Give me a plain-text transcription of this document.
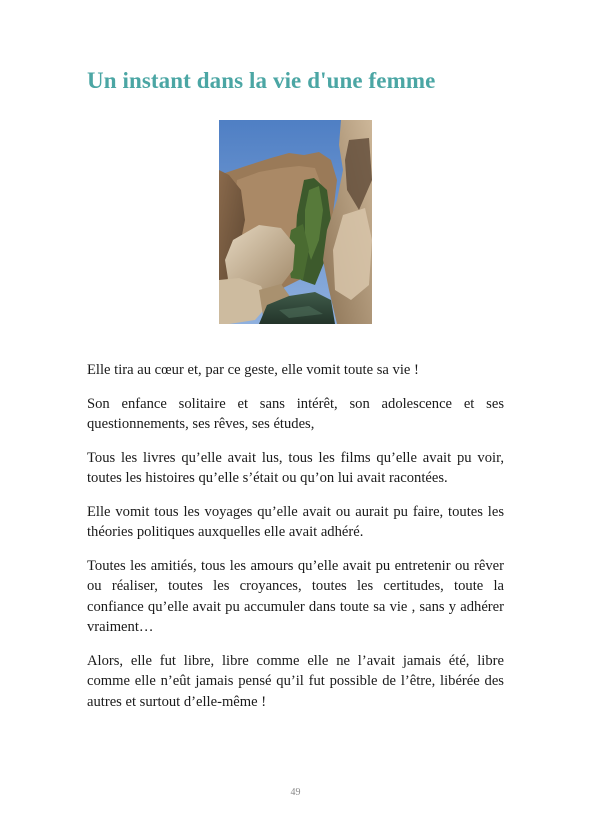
Un instant dans la vie d'une femme

Elle tira au cœur et, par ce geste, elle vomit toute sa vie !

Son enfance solitaire et sans intérêt, son adolescence et ses questionnements, ses rêves, ses études,

Tous les livres qu’elle avait lus, tous les films qu’elle avait pu voir, toutes les histoires qu’elle s’était ou qu’on lui avait racontées.

Elle vomit tous les voyages qu’elle avait ou aurait pu faire, toutes les théories politiques auxquelles elle avait adhéré.

Toutes les amitiés, tous les amours qu’elle avait pu entretenir ou rêver ou réaliser, toutes les croyances, toutes les certitudes, toute la confiance qu’elle avait pu accumuler dans toute sa vie , sans y adhérer vraiment…

Alors, elle fut libre, libre comme elle ne l’avait jamais été, libre comme elle n’eût jamais pensé qu’il fut possible de l’être, libérée des autres et surtout d’elle-même !

49
